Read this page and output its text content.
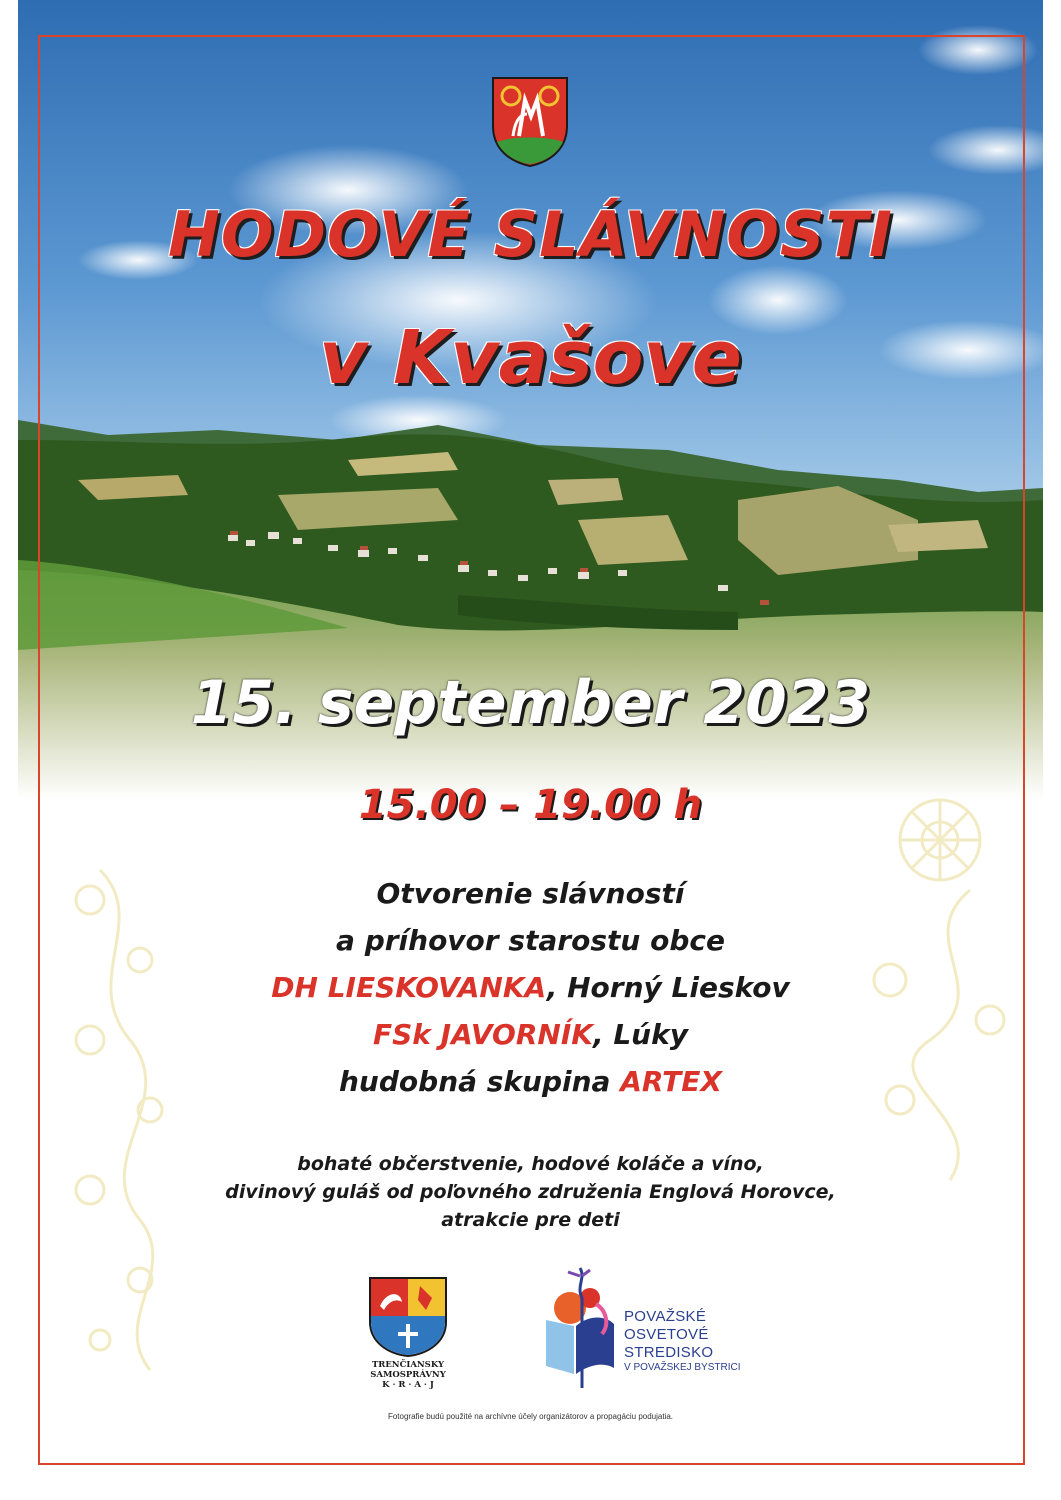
HODOVÉ SLÁVNOSTI
v Kvašove
15. september 2023
15.00 – 19.00 h
Otvorenie slávností
a príhovor starostu obce
DH LIESKOVANKA, Horný Lieskov
FSk JAVORNÍK, Lúky
hudobná skupina ARTEX
bohaté občerstvenie, hodové koláče a víno,
divinový guláš od poľovného združenia Englová Horovce,
atrakcie pre deti
TRENČIANSKY
SAMOSPRÁVNY
K · R · A · J
POVAŽSKÉ
OSVETOVÉ
STREDISKO
V POVAŽSKEJ BYSTRICI
Fotografie budú použité na archívne účely organizátorov a propagáciu podujatia.
